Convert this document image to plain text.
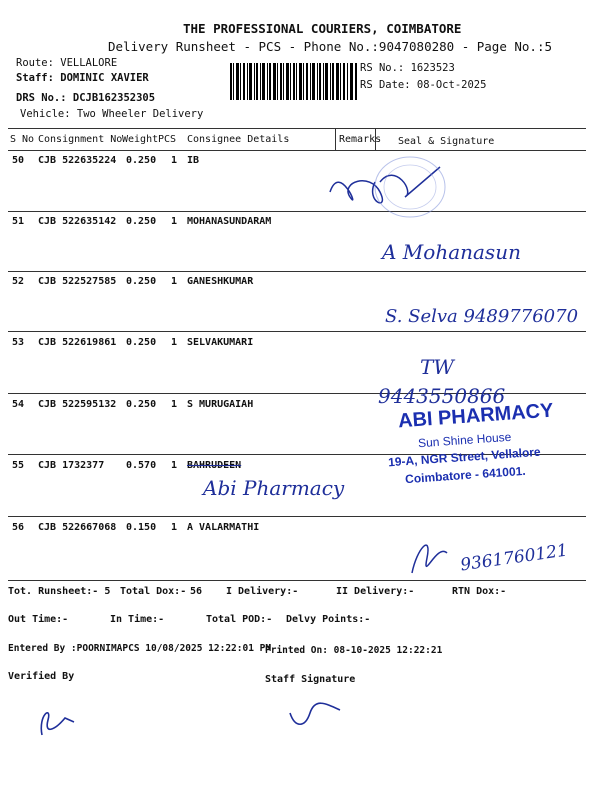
THE PROFESSIONAL COURIERS, COIMBATORE
Delivery Runsheet - PCS - Phone No.:9047080280 - Page No.:5
Route: VELLALORE
Staff: DOMINIC XAVIER
DRS No.: DCJB162352305
Vehicle: Two Wheeler Delivery
RS No.: 1623523
RS Date: 08-Oct-2025
S No Consignment No Weight PCS Consignee Details	Remarks Seal & Signature
50 CJB 522635224 0.250 1 IB
51 CJB 522635142 0.250 1 MOHANASUNDARAM
52 CJB 522527585 0.250 1 GANESHKUMAR
53 CJB 522619861 0.250 1 SELVAKUMARI
54 CJB 522595132 0.250 1 S MURUGAIAH
55 CJB 1732377 0.570 1 BAHRUDEEN
56 CJB 522667068 0.150 1 A VALARMATHI
A Mohanasun
S. Selva 9489776070
TW
9443550866
Abi Pharmacy
9361760121
ABI PHARMACY
Sun Shine House
19-A, NGR Street, Vellalore
Coimbatore - 641001.
Tot. Runsheet:- 5 Total Dox:- 56 I Delivery:-	II Delivery:-	RTN Dox:-
Out Time:-	In Time:-	Total POD:- Delvy Points:-
Entered By :POORNIMAPCS 10/08/2025 12:22:01 PM
Printed On: 08-10-2025 12:22:21
Verified By	Staff Signature
